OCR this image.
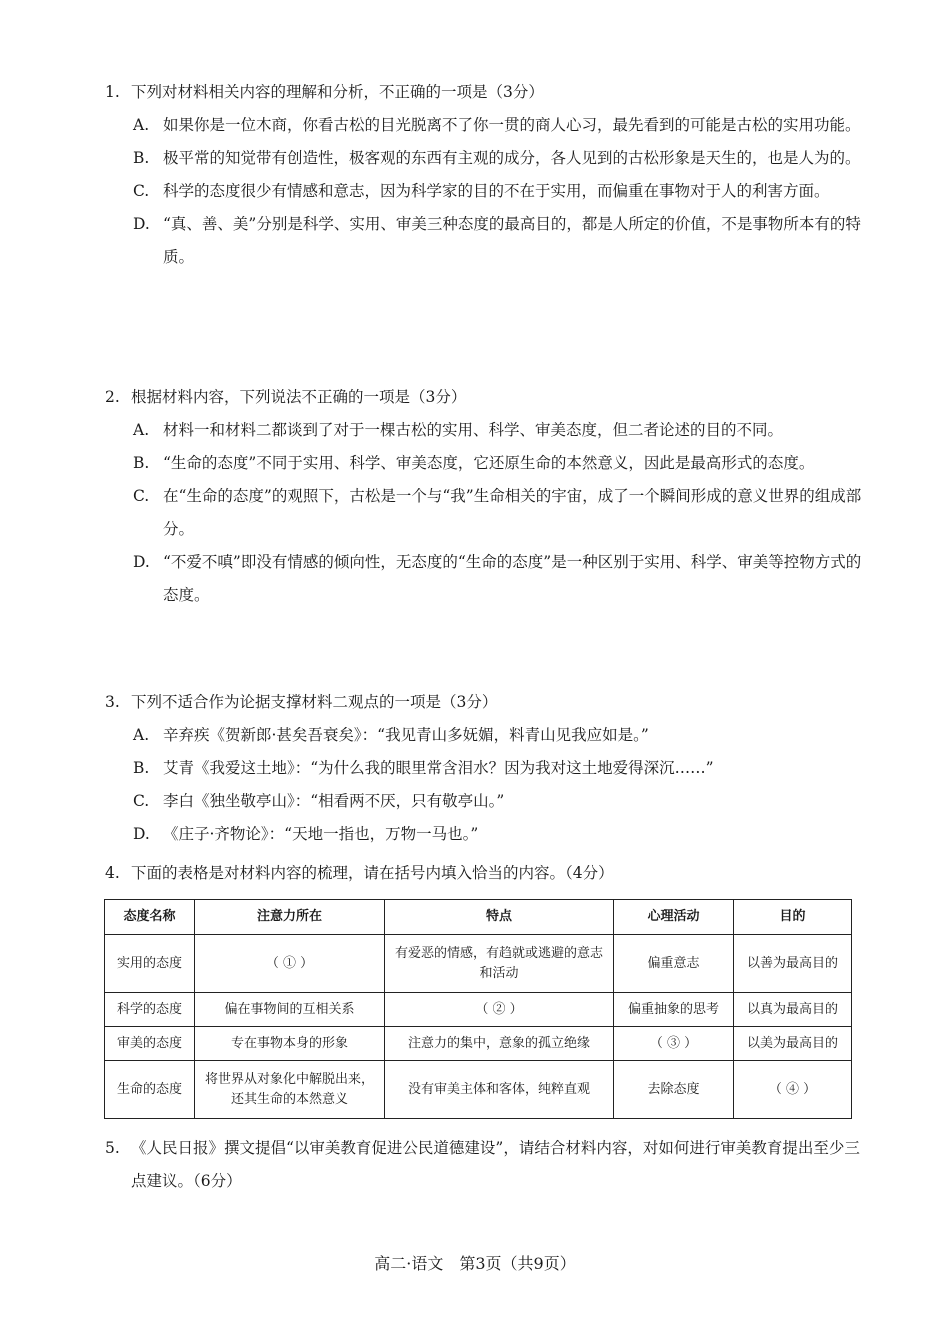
1. 下列对材料相关内容的理解和分析，不正确的一项是（3分）
A. 如果你是一位木商，你看古松的目光脱离不了你一贯的商人心习，最先看到的可能是古松的实用功能。
B. 极平常的知觉带有创造性，极客观的东西有主观的成分，各人见到的古松形象是天生的，也是人为的。
C. 科学的态度很少有情感和意志，因为科学家的目的不在于实用，而偏重在事物对于人的利害方面。
D. “真、善、美”分别是科学、实用、审美三种态度的最高目的，都是人所定的价值，不是事物所本有的特质。
2. 根据材料内容，下列说法不正确的一项是（3分）
A. 材料一和材料二都谈到了对于一棵古松的实用、科学、审美态度，但二者论述的目的不同。
B. “生命的态度”不同于实用、科学、审美态度，它还原生命的本然意义，因此是最高形式的态度。
C. 在“生命的态度”的观照下，古松是一个与“我”生命相关的宇宙，成了一个瞬间形成的意义世界的组成部分。
D. “不爱不嗔”即没有情感的倾向性，无态度的“生命的态度”是一种区别于实用、科学、审美等控物方式的态度。
3. 下列不适合作为论据支撑材料二观点的一项是（3分）
A. 辛弃疾《贺新郎·甚矣吾衰矣》：“我见青山多妩媚，料青山见我应如是。”
B. 艾青《我爱这土地》：“为什么我的眼里常含泪水？因为我对这土地爱得深沉……”
C. 李白《独坐敬亭山》：“相看两不厌，只有敬亭山。”
D. 《庄子·齐物论》：“天地一指也，万物一马也。”
4. 下面的表格是对材料内容的梳理，请在括号内填入恰当的内容。（4分）
态度名称	注意力所在	特点	心理活动	目的
实用的态度	（ ① ）	有爱恶的情感，有趋就或逃避的意志和活动	偏重意志	以善为最高目的
科学的态度	偏在事物间的互相关系	（ ② ）	偏重抽象的思考	以真为最高目的
审美的态度	专在事物本身的形象	注意力的集中，意象的孤立绝缘	（ ③ ）	以美为最高目的
生命的态度	将世界从对象化中解脱出来，还其生命的本然意义	没有审美主体和客体，纯粹直观	去除态度	（ ④ ）
5. 《人民日报》撰文提倡“以审美教育促进公民道德建设”，请结合材料内容，对如何进行审美教育提出至少三点建议。（6分）
高二·语文　第3页（共9页）
